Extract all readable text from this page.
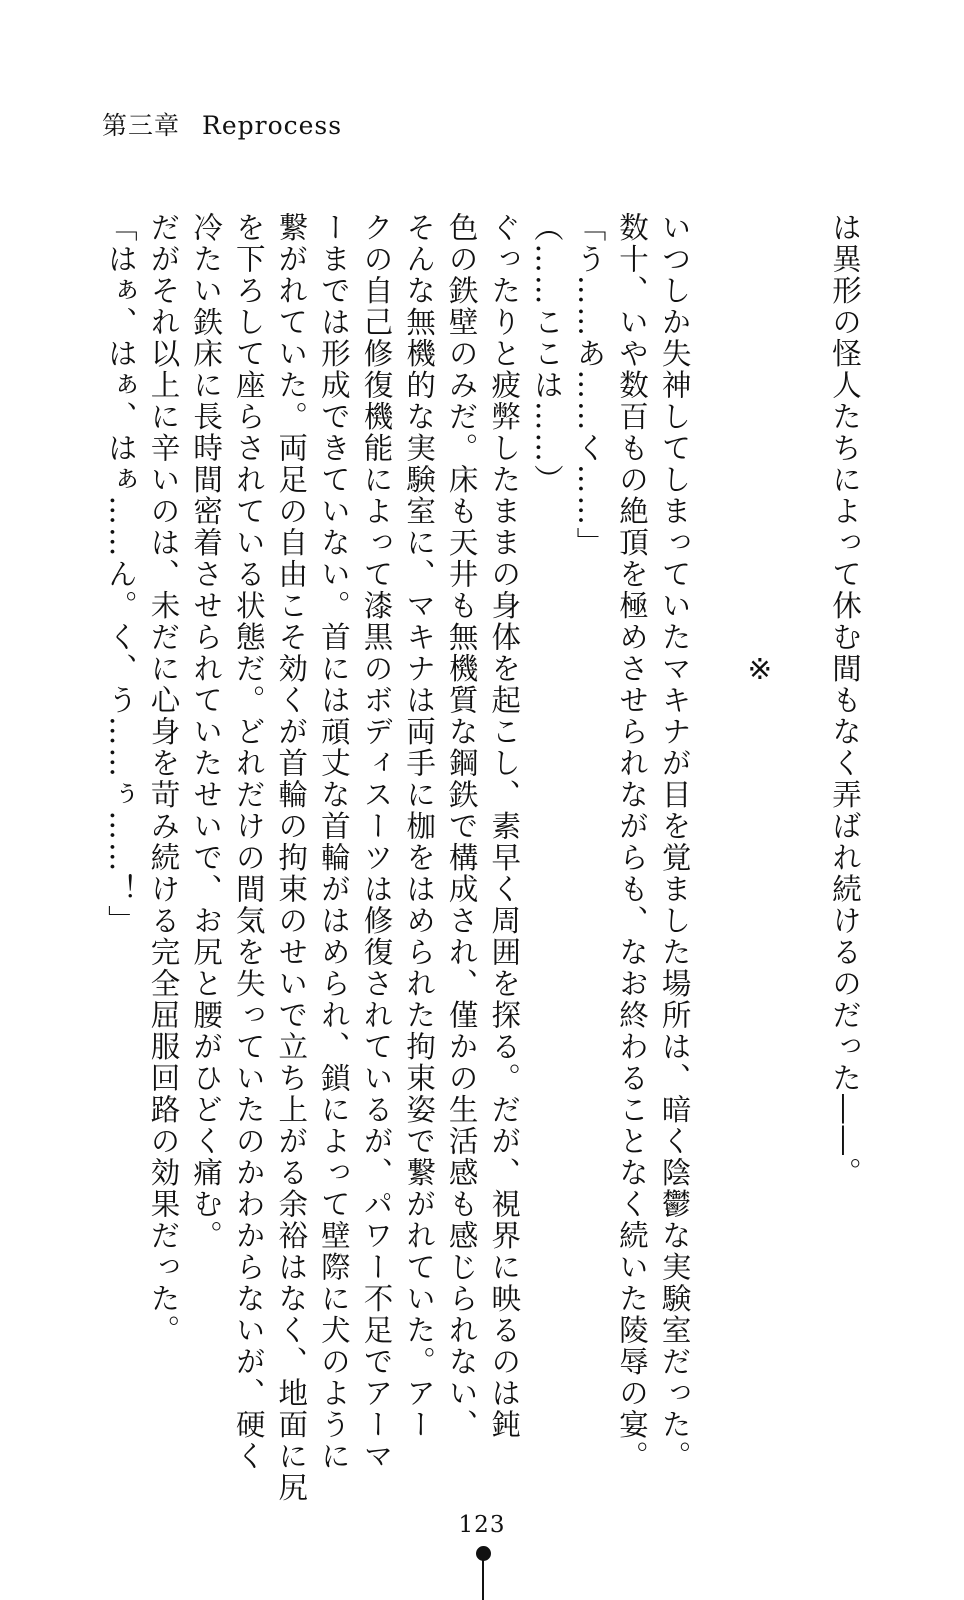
第三章 Reprocess
は異形の怪人たちによって休む間もなく弄ばれ続けるのだった――。

※

いつしか失神してしまっていたマキナが目を覚ました場所は、暗く陰鬱な実験室だった。
数十、いや数百もの絶頂を極めさせられながらも、なお終わることなく続いた陵辱の宴。
「う……あ……く……」
（……ここは……）
ぐったりと疲弊したままの身体を起こし、素早く周囲を探る。だが、視界に映るのは鈍
色の鉄壁のみだ。床も天井も無機質な鋼鉄で構成され、僅かの生活感も感じられない、
そんな無機的な実験室に、マキナは両手に枷をはめられた拘束姿で繋がれていた。アー
クの自己修復機能によって漆黒のボディスーツは修復されているが、パワー不足でアーマ
ーまでは形成できていない。首には頑丈な首輪がはめられ、鎖によって壁際に犬のように
繋がれていた。両足の自由こそ効くが首輪の拘束のせいで立ち上がる余裕はなく、地面に尻
を下ろして座らされている状態だ。どれだけの間気を失っていたのかわからないが、硬く
冷たい鉄床に長時間密着させられていたせいで、お尻と腰がひどく痛む。
だがそれ以上に辛いのは、未だに心身を苛み続ける完全屈服回路の効果だった。
「はぁ、はぁ、はぁ……ん。く、う……ぅ……！」
123
